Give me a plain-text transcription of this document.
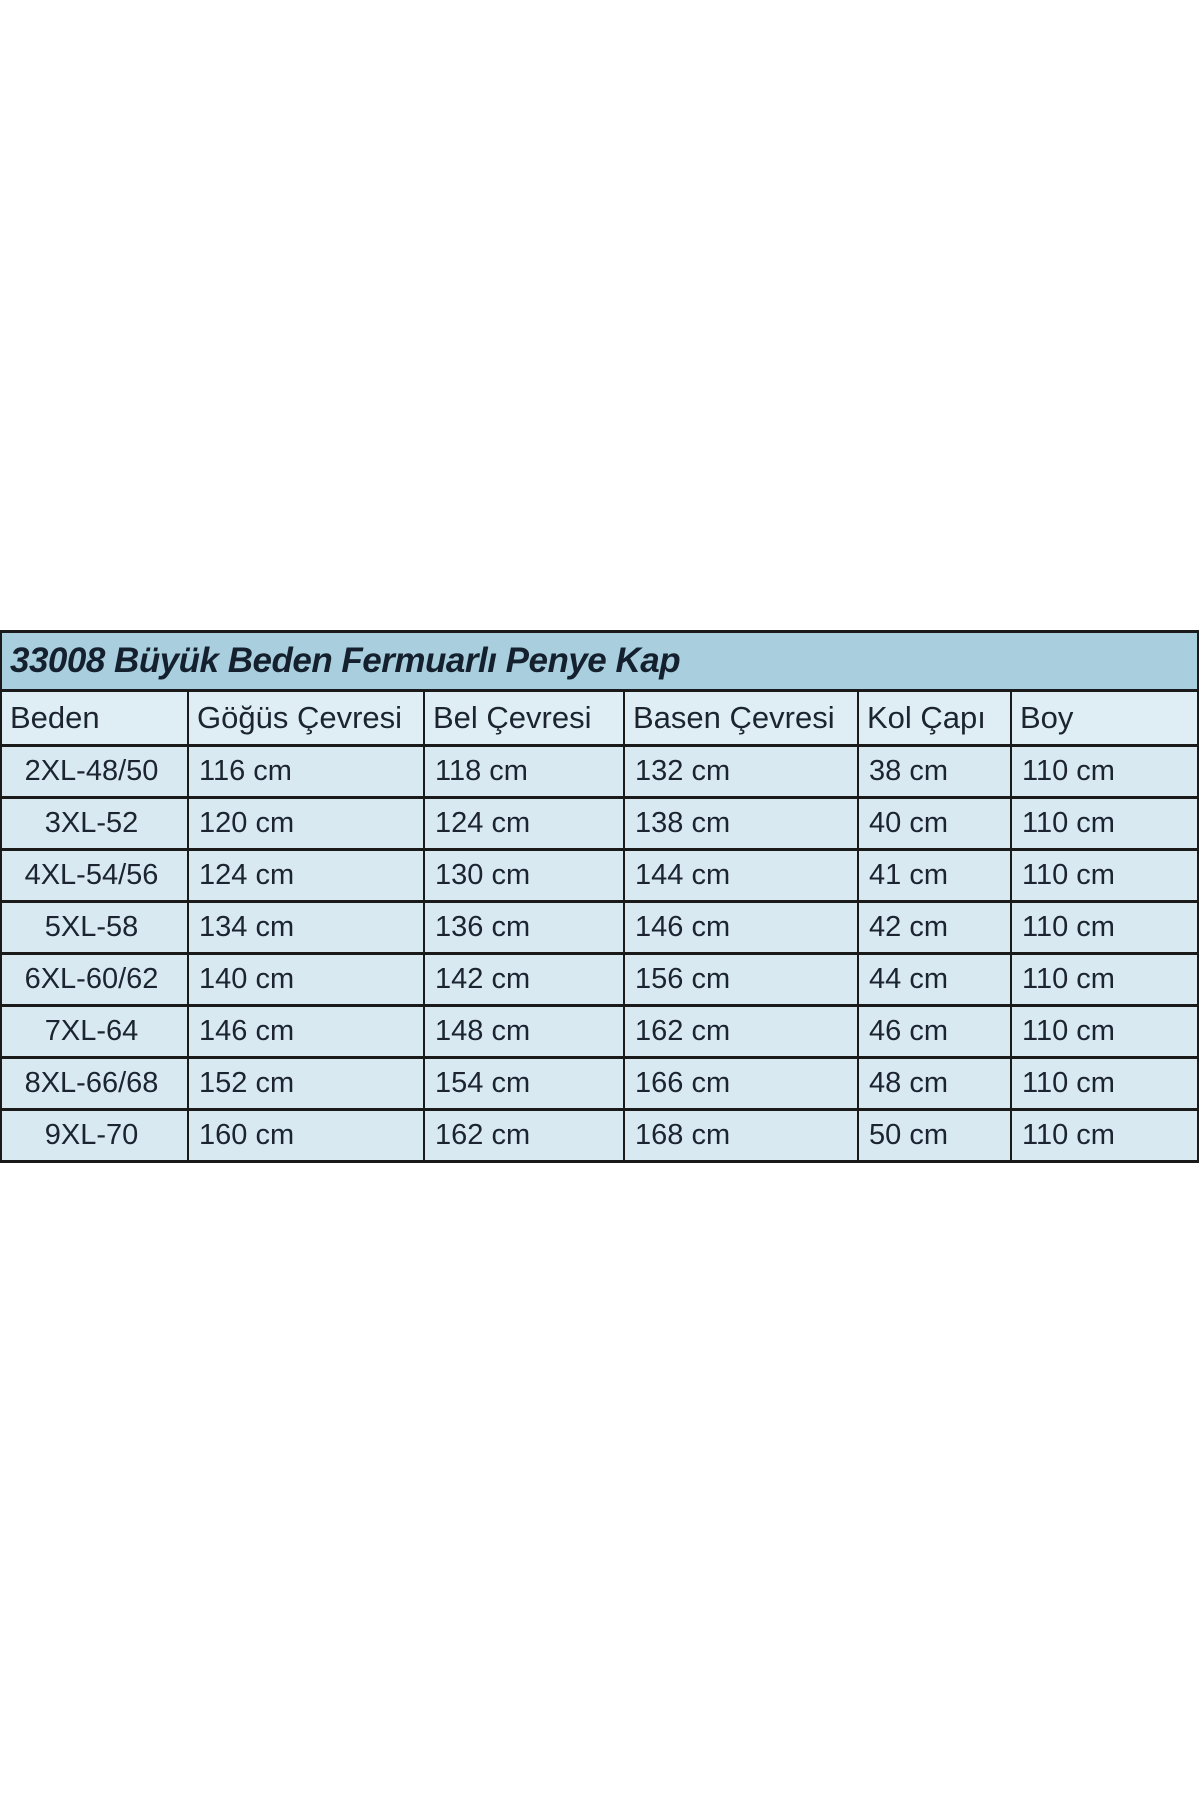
33008 Büyük Beden Fermuarlı Penye Kap					
Beden	Göğüs Çevresi	Bel Çevresi	Basen Çevresi	Kol Çapı	Boy
2XL-48/50	116 cm	118 cm	132 cm	38 cm	110 cm
3XL-52	120 cm	124 cm	138 cm	40 cm	110 cm
4XL-54/56	124 cm	130 cm	144 cm	41 cm	110 cm
5XL-58	134 cm	136 cm	146 cm	42 cm	110 cm
6XL-60/62	140 cm	142 cm	156 cm	44 cm	110 cm
7XL-64	146 cm	148 cm	162 cm	46 cm	110 cm
8XL-66/68	152 cm	154 cm	166 cm	48 cm	110 cm
9XL-70	160 cm	162 cm	168 cm	50 cm	110 cm
